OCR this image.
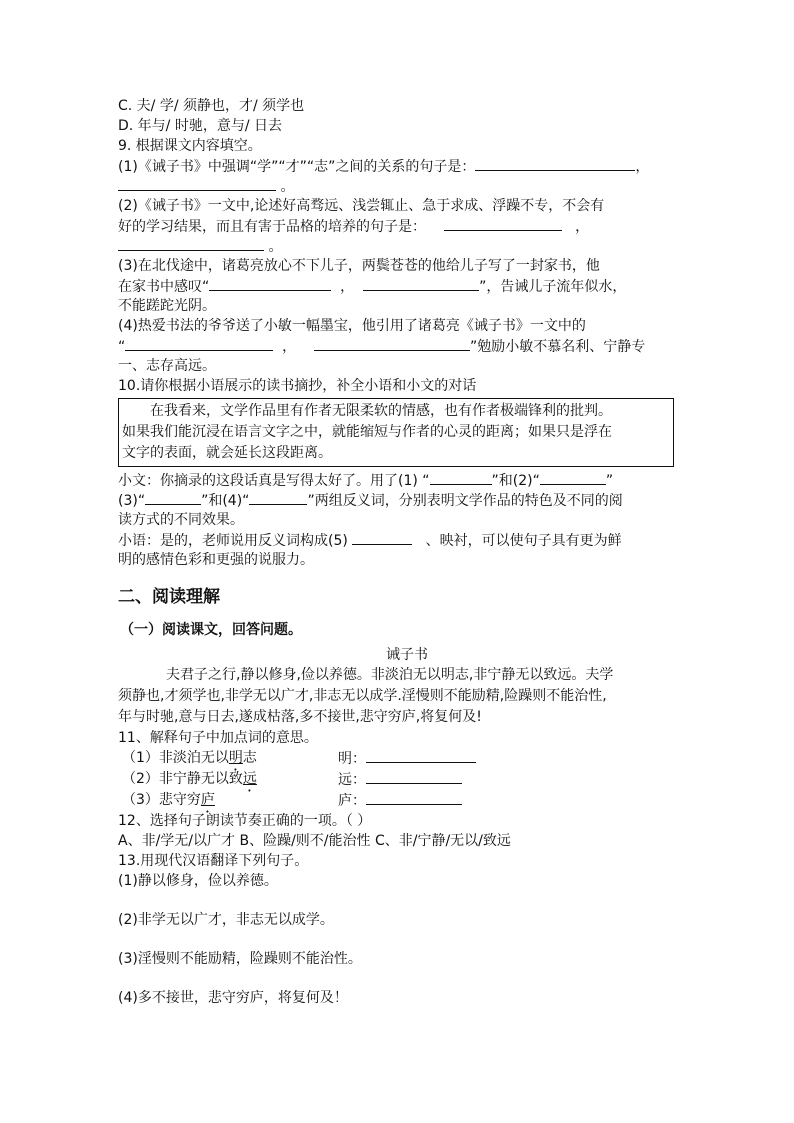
C. 夫/ 学/ 须静也，才/ 须学也
D. 年与/ 时驰，意与/ 日去
9. 根据课文内容填空。
(1)《诫子书》中强调“学”“才”“志”之间的关系的句子是：	，
。
(2)《诫子书》一文中,论述好高骛远、浅尝辄止、急于求成、浮躁不专，不会有
好的学习结果，而且有害于品格的培养的句子是：	，
。
(3)在北伐途中，诸葛亮放心不下儿子，两鬓苍苍的他给儿子写了一封家书，他
在家书中感叹“	，	”，告诫儿子流年似水，
不能蹉跎光阴。
(4)热爱书法的爷爷送了小敏一幅墨宝，他引用了诸葛亮《诫子书》一文中的
“	，	”勉励小敏不慕名利、宁静专
一、志存高远。
10.请你根据小语展示的读书摘抄，补全小语和小文的对话
在我看来，文学作品里有作者无限柔软的情感，也有作者极端锋利的批判。
如果我们能沉浸在语言文字之中，就能缩短与作者的心灵的距离；如果只是浮在
文字的表面，就会延长这段距离。
小文：你摘录的这段话真是写得太好了。用了(1) “	”和(2)“	”
(3)“	”和(4)“	”两组反义词，分别表明文学作品的特色及不同的阅
读方式的不同效果。
小语：是的，老师说用反义词构成(5)	、映衬，可以使句子具有更为鲜
明的感情色彩和更强的说服力。
二、阅读理解
（一）阅读课文，回答问题。
诫子书
夫君子之行,静以修身,俭以养德。非淡泊无以明志,非宁静无以致远。夫学
须静也,才须学也,非学无以广才,非志无以成学.淫慢则不能励精,险躁则不能治性,
年与时驰,意与日去,遂成枯落,多不接世,悲守穷庐,将复何及!
11、解释句子中加点词的意思。
（1）非淡泊无以明志	明：
（2）非宁静无以致远	远：
（3）悲守穷庐	庐：
12、选择句子朗读节奏正确的一项。（ ）
A、非/学无/以广才 B、险躁/则不/能治性 C、非/宁静/无以/致远
13.用现代汉语翻译下列句子。
(1)静以修身，俭以养德。
(2)非学无以广才，非志无以成学。
(3)淫慢则不能励精，险躁则不能治性。
(4)多不接世，悲守穷庐，将复何及！
